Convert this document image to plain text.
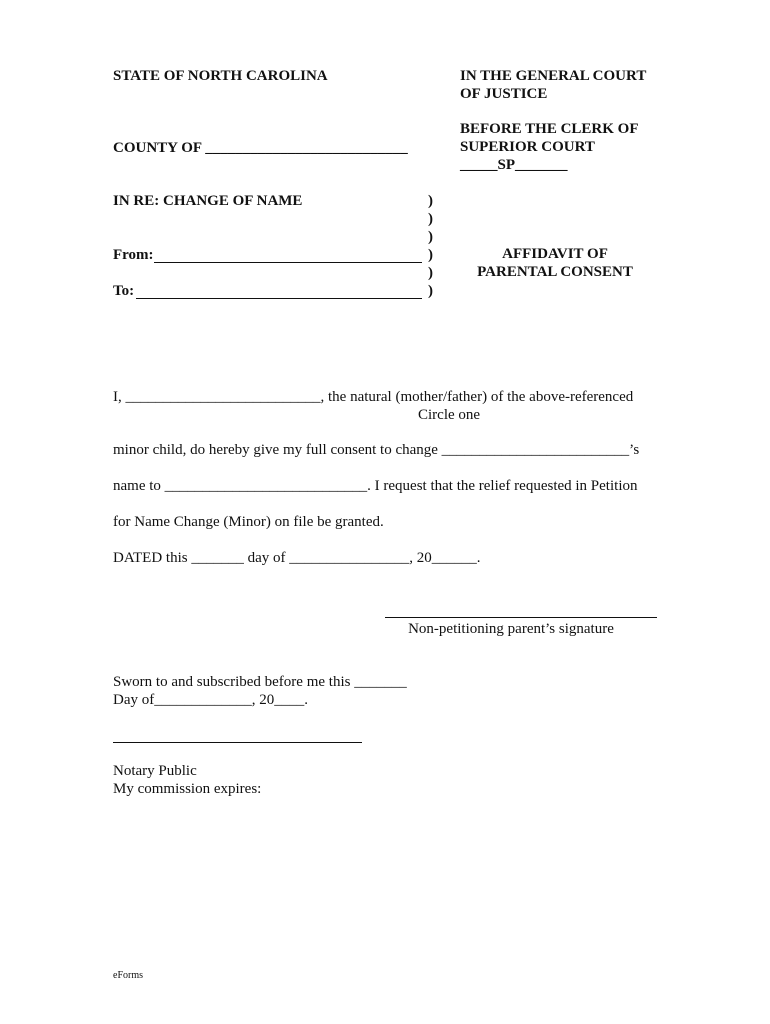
STATE OF NORTH CAROLINA	IN THE GENERAL COURT
OF JUSTICE
BEFORE THE CLERK OF
SUPERIOR COURT
_____SP_______
COUNTY OF ___________________________
IN RE: CHANGE OF NAME	)
)
)
)
)
)
From:
To:
AFFIDAVIT OF
PARENTAL CONSENT
I, __________________________, the natural (mother/father) of the above-referenced
Circle one
minor child, do hereby give my full consent to change _________________________’s
name to ___________________________. I request that the relief requested in Petition
for Name Change (Minor) on file be granted.
DATED this _______ day of ________________, 20______.
Non-petitioning parent’s signature
Sworn to and subscribed before me this _______
Day of_____________, 20____.
Notary Public
My commission expires:
eForms
